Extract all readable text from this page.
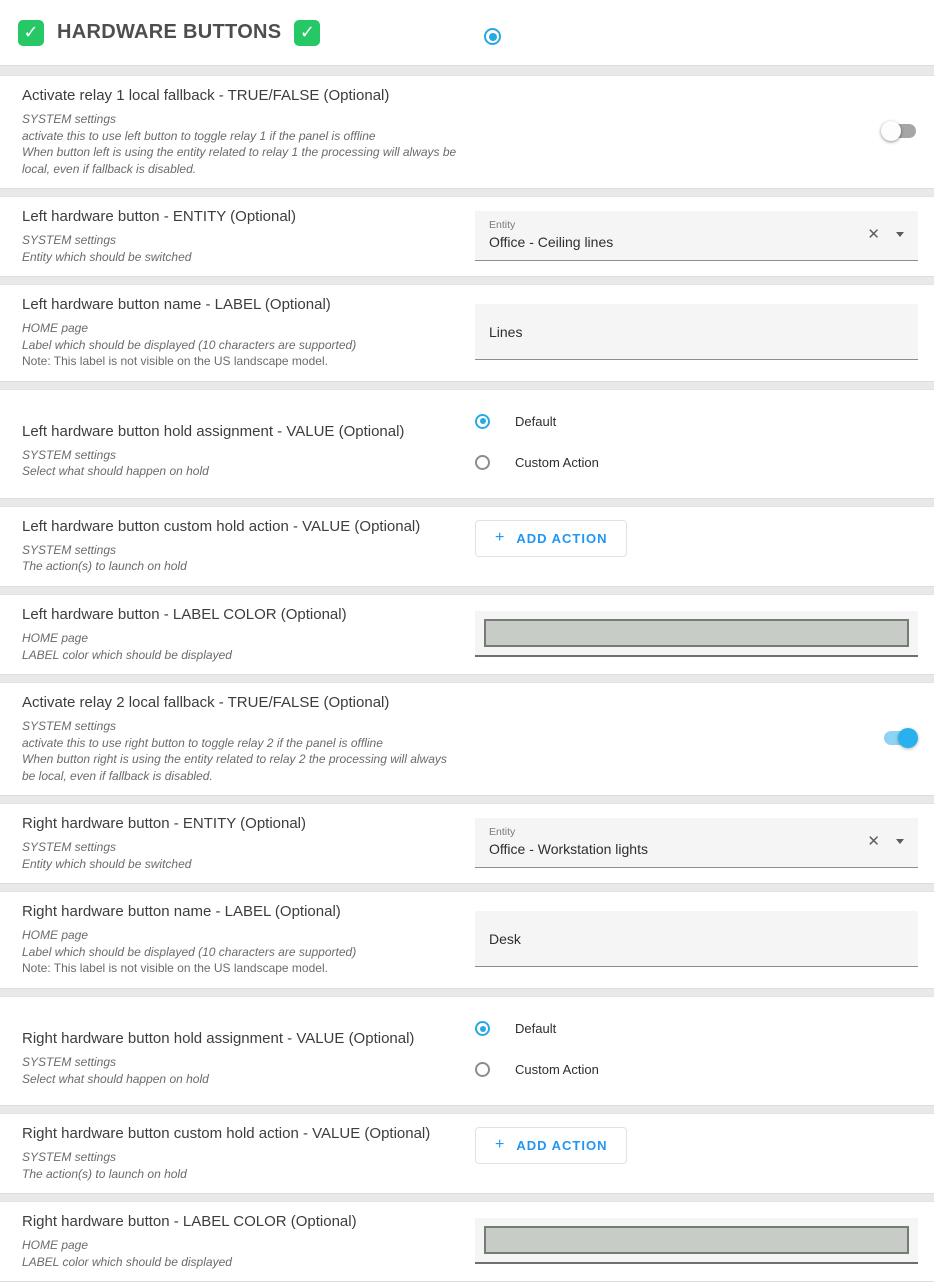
✓ HARDWARE BUTTONS	✓
Activate relay 1 local fallback - TRUE/FALSE (Optional)

SYSTEM settings

activate this to use left button to toggle relay 1 if the panel is offline

When button left is using the entity related to relay 1 the processing will always be local, even if fallback is disabled.

Left hardware button - ENTITY (Optional)

SYSTEM settings

Entity which should be switched

Entity
Office - Ceiling lines	✕
Left hardware button name - LABEL (Optional)

HOME page

Label which should be displayed (10 characters are supported)

Note: This label is not visible on the US landscape model.

Lines
Left hardware button hold assignment - VALUE (Optional)

SYSTEM settings

Select what should happen on hold

Default
Custom Action
Left hardware button custom hold action - VALUE (Optional)

SYSTEM settings

The action(s) to launch on hold

+ ADD ACTION
Left hardware button - LABEL COLOR (Optional)

HOME page

LABEL color which should be displayed

Activate relay 2 local fallback - TRUE/FALSE (Optional)

SYSTEM settings

activate this to use right button to toggle relay 2 if the panel is offline

When button right is using the entity related to relay 2 the processing will always be local, even if fallback is disabled.

Right hardware button - ENTITY (Optional)

SYSTEM settings

Entity which should be switched

Entity
Office - Workstation lights	✕
Right hardware button name - LABEL (Optional)

HOME page

Label which should be displayed (10 characters are supported)

Note: This label is not visible on the US landscape model.

Desk
Right hardware button hold assignment - VALUE (Optional)

SYSTEM settings

Select what should happen on hold

Default
Custom Action
Right hardware button custom hold action - VALUE (Optional)

SYSTEM settings

The action(s) to launch on hold

+ ADD ACTION
Right hardware button - LABEL COLOR (Optional)

HOME page

LABEL color which should be displayed
